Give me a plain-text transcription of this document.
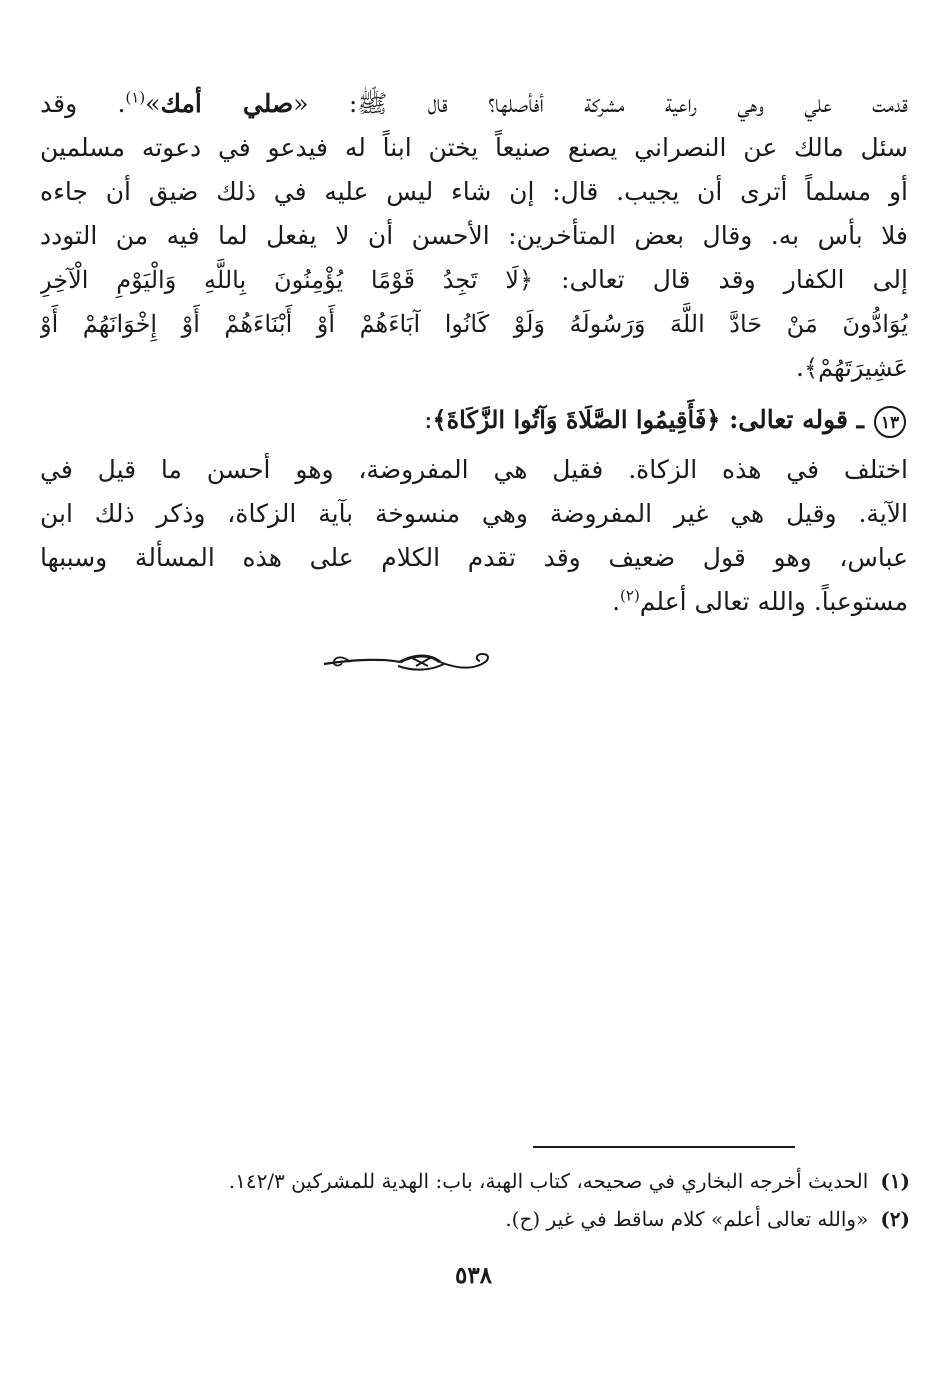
قدمت علي وهي راعية مشركة أفأصلها؟ قال ﷺ: «صلي أمك»$^{(١)}$. وقد
سئل مالك عن النصراني يصنع صنيعاً يختن ابناً له فيدعو في دعوته مسلمين
أو مسلماً أترى أن يجيب. قال: إن شاء ليس عليه في ذلك ضيق أن جاءه
فلا بأس به. وقال بعض المتأخرين: الأحسن أن لا يفعل لما فيه من التودد
إلى الكفار وقد قال تعالى: ﴿لَا تَجِدُ قَوْمًا يُؤْمِنُونَ بِاللَّهِ وَالْيَوْمِ الْآخِرِ
يُوَادُّونَ مَنْ حَادَّ اللَّهَ وَرَسُولَهُ وَلَوْ كَانُوا آبَاءَهُمْ أَوْ أَبْنَاءَهُمْ أَوْ إِخْوَانَهُمْ أَوْ
عَشِيرَتَهُمْ﴾.
١٣ـ قوله تعالى: ﴿فَأَقِيمُوا الصَّلَاةَ وَآتُوا الزَّكَاةَ﴾:
اختلف في هذه الزكاة. فقيل هي المفروضة، وهو أحسن ما قيل في
الآية. وقيل هي غير المفروضة وهي منسوخة بآية الزكاة، وذكر ذلك ابن
عباس، وهو قول ضعيف وقد تقدم الكلام على هذه المسألة وسببها
مستوعباً. والله تعالى أعلم$^{(٢)}$.
(١)الحديث أخرجه البخاري في صحيحه، كتاب الهبة، باب: الهدية للمشركين ١٤٢/٣.
(٢)«والله تعالى أعلم» كلام ساقط في غير (ح).
٥٣٨
